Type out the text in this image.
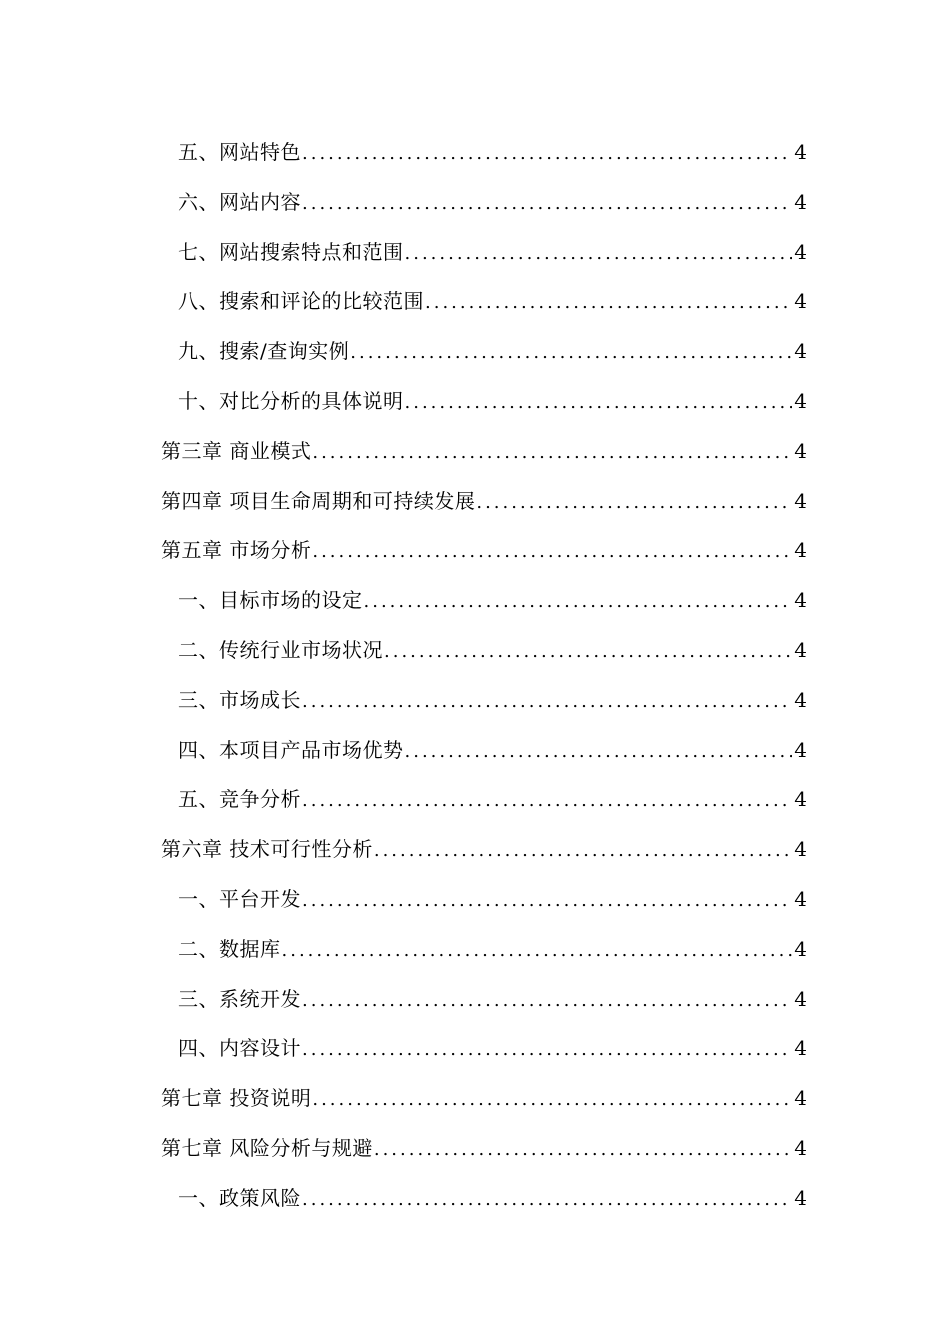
五、网站特色 .....	4
六、网站内容 .....	4
七、网站搜索特点和范围 .....	4
八、搜索和评论的比较范围 .....	4
九、搜索/查询实例 .....	4
十、对比分析的具体说明 .....	4
第三章 商业模式 .....	4
第四章 项目生命周期和可持续发展 .....	4
第五章 市场分析 .....	4
一、目标市场的设定 .....	4
二、传统行业市场状况 .....	4
三、市场成长 .....	4
四、本项目产品市场优势 .....	4
五、竞争分析 .....	4
第六章 技术可行性分析 .....	4
一、平台开发 .....	4
二、数据库 .....	4
三、系统开发 .....	4
四、内容设计 .....	4
第七章 投资说明 .....	4
第七章 风险分析与规避 .....	4
一、政策风险 .....	4
